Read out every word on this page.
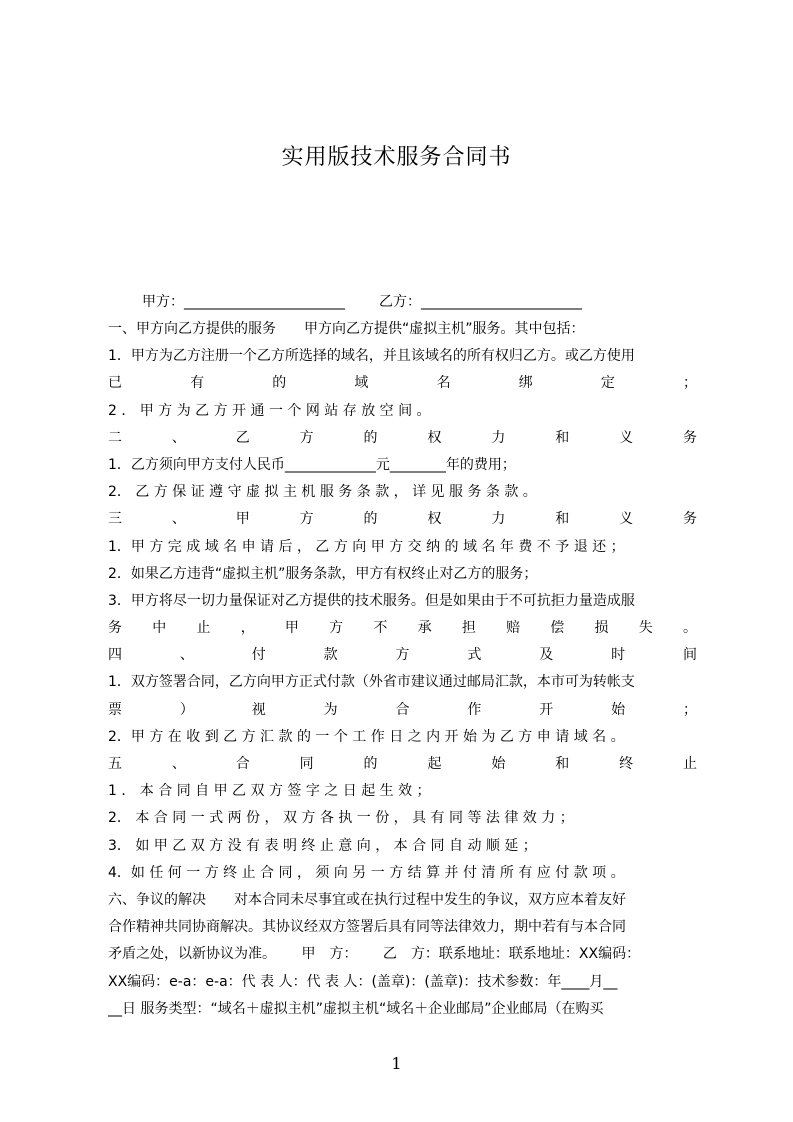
实用版技术服务合同书
甲方：_______________________ 乙方：_______________________
一、甲方向乙方提供的服务　　甲方向乙方提供“虚拟主机”服务。其中包括：
1．甲方为乙方注册一个乙方所选择的域名，并且该域名的所有权归乙方。或乙方使用
已 有 的 域 名 绑 定 ；
2 ． 甲 方 为 乙 方 开 通 一 个 网 站 存 放 空 间 。
二 、 乙 方 的 权 力 和 义 务
1．乙方须向甲方支付人民币_____________元________年的费用；
2． 乙 方 保 证 遵 守 虚 拟 主 机 服 务 条 款 ， 详 见 服 务 条 款 。
三 、 甲 方 的 权 力 和 义 务
1．甲 方 完 成 域 名 申 请 后 ， 乙 方 向 甲 方 交 纳 的 域 名 年 费 不 予 退 还 ；
2．如果乙方违背“虚拟主机”服务条款，甲方有权终止对乙方的服务；
3．甲方将尽一切力量保证对乙方提供的技术服务。但是如果由于不可抗拒力量造成服
务 中 止 ， 甲 方 不 承 担 赔 偿 损 失 。
四 、 付 款 方 式 及 时 间
1．双方签署合同，乙方向甲方正式付款（外省市建议通过邮局汇款，本市可为转帐支
票 ） 视 为 合 作 开 始 ；
2．甲 方 在 收 到 乙 方 汇 款 的 一 个 工 作 日 之 内 开 始 为 乙 方 申 请 域 名 。
五 、 合 同 的 起 始 和 终 止
1 ． 本 合 同 自 甲 乙 双 方 签 字 之 日 起 生 效 ；
2． 本 合 同 一 式 两 份 ， 双 方 各 执 一 份 ， 具 有 同 等 法 律 效 力 ；
3． 如 甲 乙 双 方 没 有 表 明 终 止 意 向 ， 本 合 同 自 动 顺 延 ；
4．如 任 何 一 方 终 止 合 同 ， 须 向 另 一 方 结 算 并 付 清 所 有 应 付 款 项 。
六、争议的解决　　对本合同未尽事宜或在执行过程中发生的争议，双方应本着友好
合作精神共同协商解决。其协议经双方签署后具有同等法律效力，期中若有与本合同
矛盾之处，以新协议为准。　　 甲　方：　　 乙　方：联系地址：联系地址：XX编码：
XX编码：e-a：e-a：代 表 人：代 表 人：(盖章)：(盖章)：技术参数：年____月__
__日 服务类型：“域名＋虚拟主机”虚拟主机“域名＋企业邮局”企业邮局（在购买
1
